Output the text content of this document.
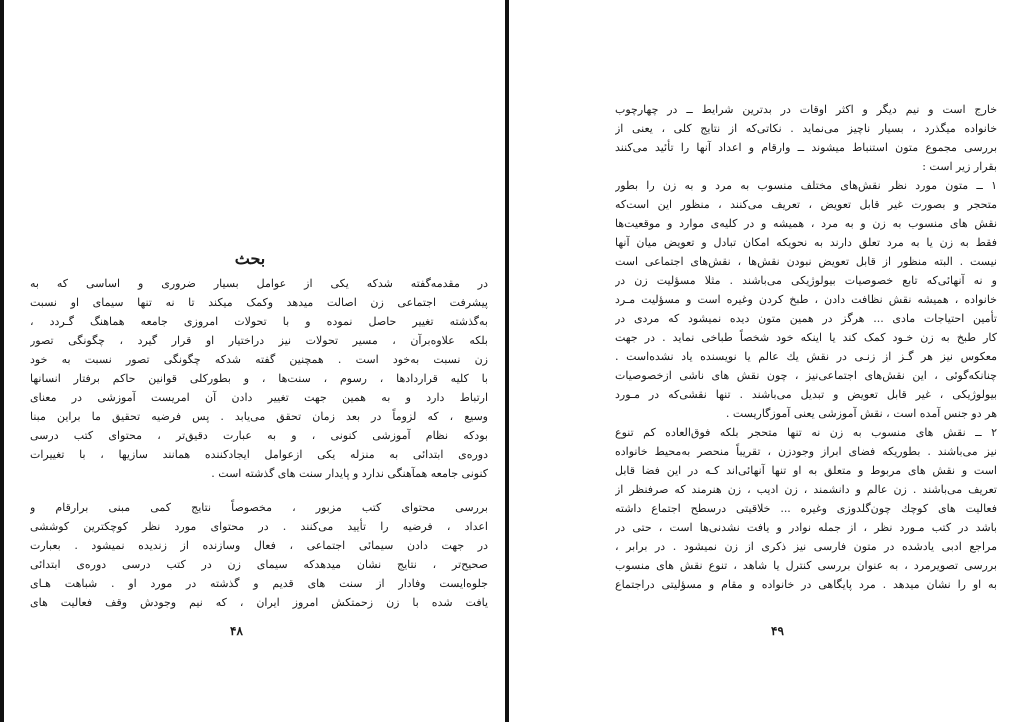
بحث
در مقدمه‌گفته شدکه یکی از عوامل بسیار ضروری و اساسی که به
پیشرفت اجتماعی زن اصالت میدهد وکمک میکند تا نه تنها سیمای او نسبت
به‌گذشته تغییر حاصل نموده و با تحولات امروزی جامعه هماهنگ گـردد ،
بلکه علاوه‌برآن ، مسیر تحولات نیز دراختیار او قرار گیرد ، چگونگی تصور
زن نسبت به‌خود است . همچنین گفته شدکه چگونگی تصور نسبت به خود
با کلیه قراردادها ، رسوم ، سنت‌ها ، و بطورکلی قوانین حاکم برفتار انسانها
ارتباط دارد و به همین جهت تغییر دادن آن امریست آموزشی در معنای
وسیع ، که لزوماً در بعد زمان تحقق می‌یابد . پس فرضیه تحقیق ما براین مبنا
بودکه نظام آموزشی کنونی ، و به عبارت دقیق‌تر ، محتوای کتب درسی
دوره‌ی ابتدائی به منزله یکی ازعوامل ایجادکننده همانند سازیها ، با تغییرات
کنونی جامعه همآهنگی ندارد و پایدار سنت های گذشته است .
بررسی محتوای کتب مزبور ، مخصوصاً نتایج کمی مبنی برارقام و
اعداد ، فرضیه را تأیید می‌کنند . در محتوای مورد نظر کوچکترین کوششی
در جهت دادن سیمائی اجتماعی ، فعال وسازنده از زندیده نمیشود . بعبارت
صحیح‌تر ، نتایج نشان میدهدکه سیمای زن در کتب درسی دوره‌ی ابتدائی
جلوه‌ایست وفادار از سنت های قدیم و گذشته در مورد او . شباهت هـای
یافت شده با زن زحمتکش امروز ایران ، که نیم وجودش وقف فعالیت های
۴۸
خارج است و نیم دیگر و اکثر اوقات در بدترین شرایط ــ در چهارچوب
خانواده میگذرد ، بسیار ناچیز می‌نماید . نکاتی‌که از نتایج کلی ، یعنی از
بررسی مجموع متون استنباط میشوند ــ وارقام و اعداد آنها را تأئید می‌کنند
بقرار زیر است :
۱ ــ متون مورد نظر نقش‌های مختلف منسوب به مرد و به زن را بطور
متحجر و بصورت غیر قابل تعویض ، تعریف می‌کنند ، منظور این است‌که
نقش های منسوب به زن و به مرد ، همیشه و در کلیه‌ی موارد و موقعیت‌ها
فقط به زن یا به مرد تعلق دارند به نحویکه امکان تبادل و تعویض میان آنها
نیست . البته منظور از قابل تعویض نبودن نقش‌ها ، نقش‌های اجتماعی است
و نه آنهائی‌که تابع خصوصیات بیولوژیکی می‌باشند . مثلا مسؤلیت زن در
خانواده ، همیشه نقش نظافت دادن ، طبخ کردن وغیره است و مسؤلیت مـرد
تأمین احتیاجات مادی ... هرگز در همین متون دیده نمیشود که مردی در
کار طبخ به زن خـود کمک کند یا اینکه خود شخصاً طباخی نماید . در جهت
معکوس نیز هر گـز از زنـی در نقش یك عالم یا نویسنده یاد نشده‌است .
چنانکه‌گوئی ، این نقش‌های اجتماعی‌نیز ، چون نقش های ناشی ازخصوصیات
بیولوژیکی ، غیر قابل تعویض و تبدیل می‌باشند . تنها نقشی‌که در مـورد
هر دو جنس آمده است ، نقش آموزشی یعنی آموزگاریست .
۲ ــ نقش های منسوب به زن نه تنها متحجر بلکه فوق‌العاده کم تنوع
نیز می‌باشند . بطوریکه فضای ابراز وجودزن ، تقریباً منحصر به‌محیط خانواده
است و نقش های مربوط و متعلق به او تنها آنهائی‌اند کـه در این فضا قابل
تعریف می‌باشند . زن عالم و دانشمند ، زن ادیب ، زن هنرمند که صرفنظر از
فعالیت های کوچك چون‌گلدوزی وغیره ... خلاقیتی درسطح اجتماع داشته
باشد در کتب مـورد نظر ، از جمله نوادر و یافت نشدنی‌ها است ، حتی در
مراجع ادبی یادشده در متون فارسی نیز ذکری از زن نمیشود . در برابر ،
بررسی تصویرمرد ، به عنوان بررسی کنترل یا شاهد ، تنوع نقش های منسوب
به او را نشان میدهد . مرد پایگاهی در خانواده و مقام و مسؤلیتی دراجتماع
۴۹
